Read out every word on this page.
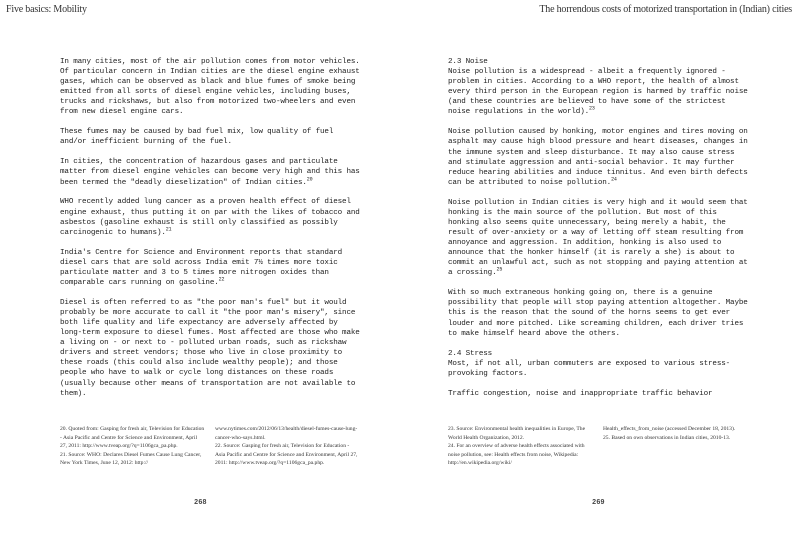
Five basics: Mobility

In many cities, most of the air pollution comes from motor vehicles. Of particular concern in Indian cities are the diesel engine exhaust gases, which can be observed as black and blue fumes of smoke being emitted from all sorts of diesel engine vehicles, including buses, trucks and rickshaws, but also from motorized two-wheelers and even from new diesel engine cars.

These fumes may be caused by bad fuel mix, low quality of fuel and/or inefficient burning of the fuel.

In cities, the concentration of hazardous gases and particulate matter from diesel engine vehicles can become very high and this has been termed the "deadly dieselization" of Indian cities.$^{20}$

WHO recently added lung cancer as a proven health effect of diesel engine exhaust, thus putting it on par with the likes of tobacco and asbestos (gasoline exhaust is still only classified as possibly carcinogenic to humans).$^{21}$

India's Centre for Science and Environment reports that standard diesel cars that are sold across India emit 7½ times more toxic particulate matter and 3 to 5 times more nitrogen oxides than comparable cars running on gasoline.$^{22}$

Diesel is often referred to as "the poor man's fuel" but it would probably be more accurate to call it "the poor man's misery", since both life quality and life expectancy are adversely affected by long-term exposure to diesel fumes. Most affected are those who make a living on - or next to - polluted urban roads, such as rickshaw drivers and street vendors; those who live in close proximity to these roads (this could also include wealthy people); and those people who have to walk or cycle long distances on these roads (usually because other means of transportation are not available to them).

20. Quoted from: Gasping for fresh air, Television for Education - Asia Pacific and Centre for Science and Environment, April 27, 2011: http://www.tveap.org/?q=1106gca_pa.php.

21. Source: WHO: Declares Diesel Fumes Cause Lung Cancer, New York Times, June 12, 2012: http://

www.nytimes.com/2012/06/13/health/diesel-fumes-cause-lung-cancer-who-says.html.

22. Source: Gasping for fresh air, Television for Education - Asia Pacific and Centre for Science and Environment, April 27, 2011: http://www.tveap.org/?q=1106gca_pa.php.

268
The horrendous costs of motorized transportation in (Indian) cities
2.3 Noise

Noise pollution is a widespread - albeit a frequently ignored - problem in cities. According to a WHO report, the health of almost every third person in the European region is harmed by traffic noise (and these countries are believed to have some of the strictest noise regulations in the world).$^{23}$

Noise pollution caused by honking, motor engines and tires moving on asphalt may cause high blood pressure and heart diseases, changes in the immune system and sleep disturbance. It may also cause stress and stimulate aggression and anti-social behavior. It may further reduce hearing abilities and induce tinnitus. And even birth defects can be attributed to noise pollution.$^{24}$

Noise pollution in Indian cities is very high and it would seem that honking is the main source of the pollution. But most of this honking also seems quite unnecessary, being merely a habit, the result of over-anxiety or a way of letting off steam resulting from annoyance and aggression. In addition, honking is also used to announce that the honker himself (it is rarely a she) is about to commit an unlawful act, such as not stopping and paying attention at a crossing.$^{25}$

With so much extraneous honking going on, there is a genuine possibility that people will stop paying attention altogether. Maybe this is the reason that the sound of the horns seems to get ever louder and more pitched. Like screaming children, each driver tries to make himself heard above the others.

2.4 Stress

Most, if not all, urban commuters are exposed to various stress-provoking factors.

Traffic congestion, noise and inappropriate traffic behavior

23. Source: Environmental health inequalities in Europe, The World Health Organization, 2012.

24. For an overview of adverse health effects associated with noise pollution, see: Health effects from noise, Wikipedia: http://en.wikipedia.org/wiki/

Health_effects_from_noise (accessed December 18, 2013).

25. Based on own observations in Indian cities, 2010-13.

269
